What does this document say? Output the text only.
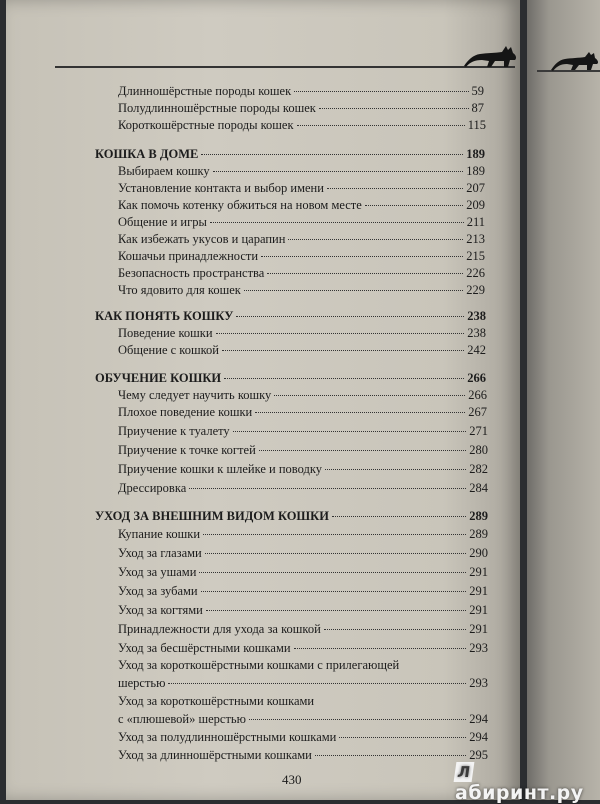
Длинношёрстные породы кошек	59
Полудлинношёрстные породы кошек	87
Короткошёрстные породы кошек	115
КОШКА В ДОМЕ	189
Выбираем кошку	189
Установление контакта и выбор имени	207
Как помочь котенку обжиться на новом месте	209
Общение и игры	211
Как избежать укусов и царапин	213
Кошачьи принадлежности	215
Безопасность пространства	226
Что ядовито для кошек	229
КАК ПОНЯТЬ КОШКУ	238
Поведение кошки	238
Общение с кошкой	242
ОБУЧЕНИЕ КОШКИ	266
Чему следует научить кошку	266
Плохое поведение кошки	267
Приучение к туалету	271
Приучение к точке когтей	280
Приучение кошки к шлейке и поводку	282
Дрессировка	284
УХОД ЗА ВНЕШНИМ ВИДОМ КОШКИ	289
Купание кошки	289
Уход за глазами	290
Уход за ушами	291
Уход за зубами	291
Уход за когтями	291
Принадлежности для ухода за кошкой	291
Уход за бесшёрстными кошками	293
Уход за короткошёрстными кошками с прилегающей
шерстью	293
Уход за короткошёрстными кошками
с «плюшевой» шерстью	294
Уход за полудлинношёрстными кошками	294
Уход за длинношёрстными кошками	295
430	Лабиринт.ру
